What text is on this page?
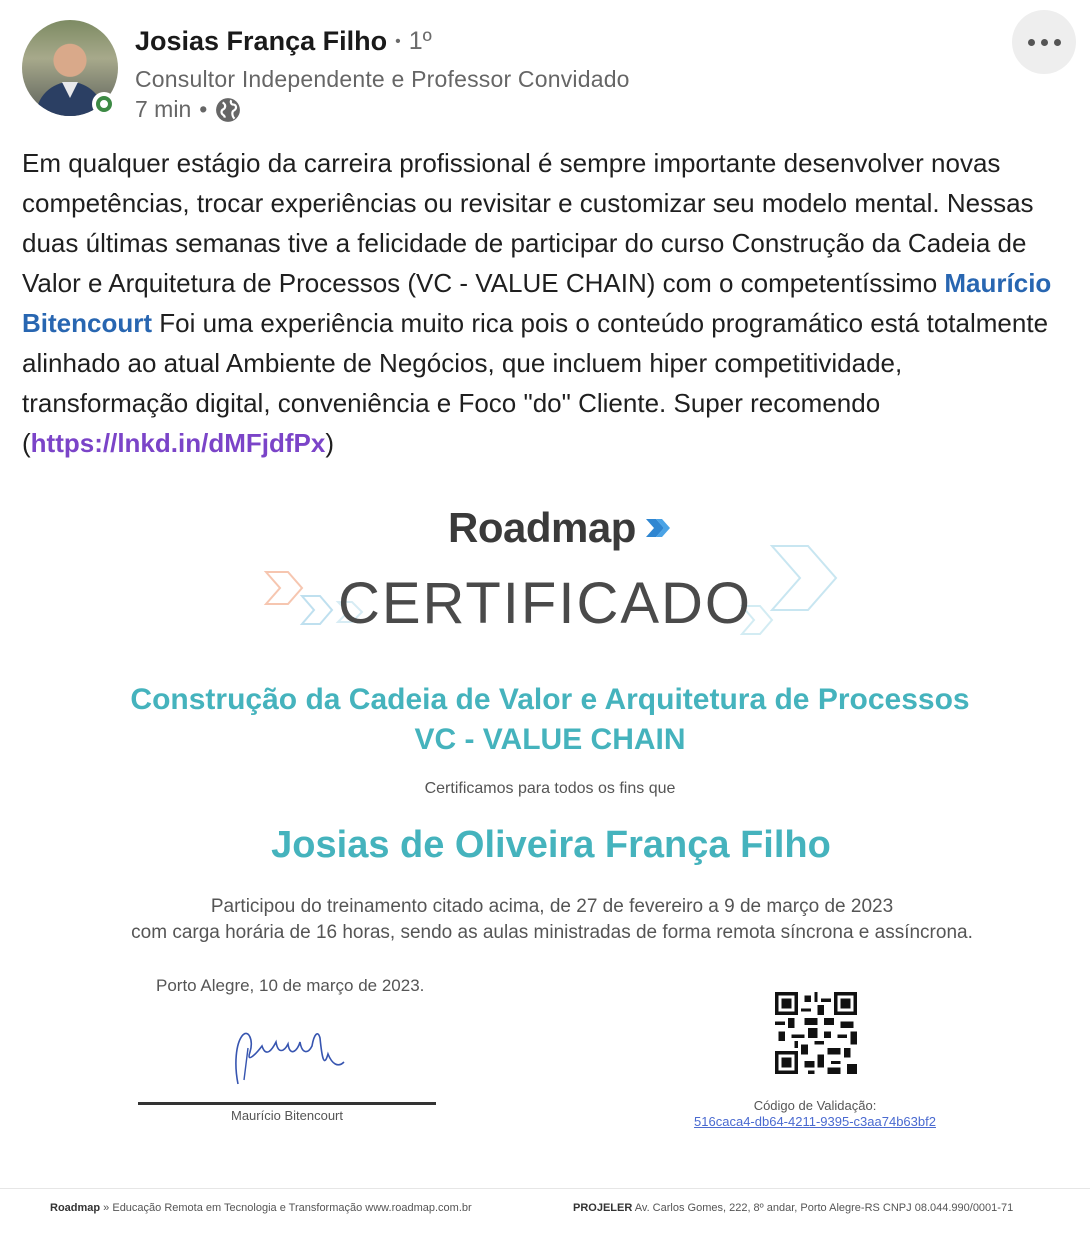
Josias França Filho • 1º
Consultor Independente e Professor Convidado
7 min •
Em qualquer estágio da carreira profissional é sempre importante desenvolver novas competências, trocar experiências ou revisitar e customizar seu modelo mental. Nessas duas últimas semanas tive a felicidade de participar do curso Construção da Cadeia de Valor e Arquitetura de Processos (VC - VALUE CHAIN) com o competentíssimo Maurício Bitencourt Foi uma experiência muito rica pois o conteúdo programático está totalmente alinhado ao atual Ambiente de Negócios, que incluem hiper competitividade, transformação digital, conveniência e Foco "do" Cliente. Super recomendo (https://lnkd.in/dMFjdfPx)
Roadmap
CERTIFICADO
Construção da Cadeia de Valor e Arquitetura de Processos
VC - VALUE CHAIN
Certificamos para todos os fins que
Josias de Oliveira França Filho
Participou do treinamento citado acima, de 27 de fevereiro a 9 de março de 2023
com carga horária de 16 horas, sendo as aulas ministradas de forma remota síncrona e assíncrona.
Porto Alegre, 10 de março de 2023.
Maurício Bitencourt
Código de Validação:
516caca4-db64-4211-9395-c3aa74b63bf2
Roadmap » Educação Remota em Tecnologia e Transformação www.roadmap.com.br	PROJELER Av. Carlos Gomes, 222, 8º andar, Porto Alegre-RS CNPJ 08.044.990/0001-71
